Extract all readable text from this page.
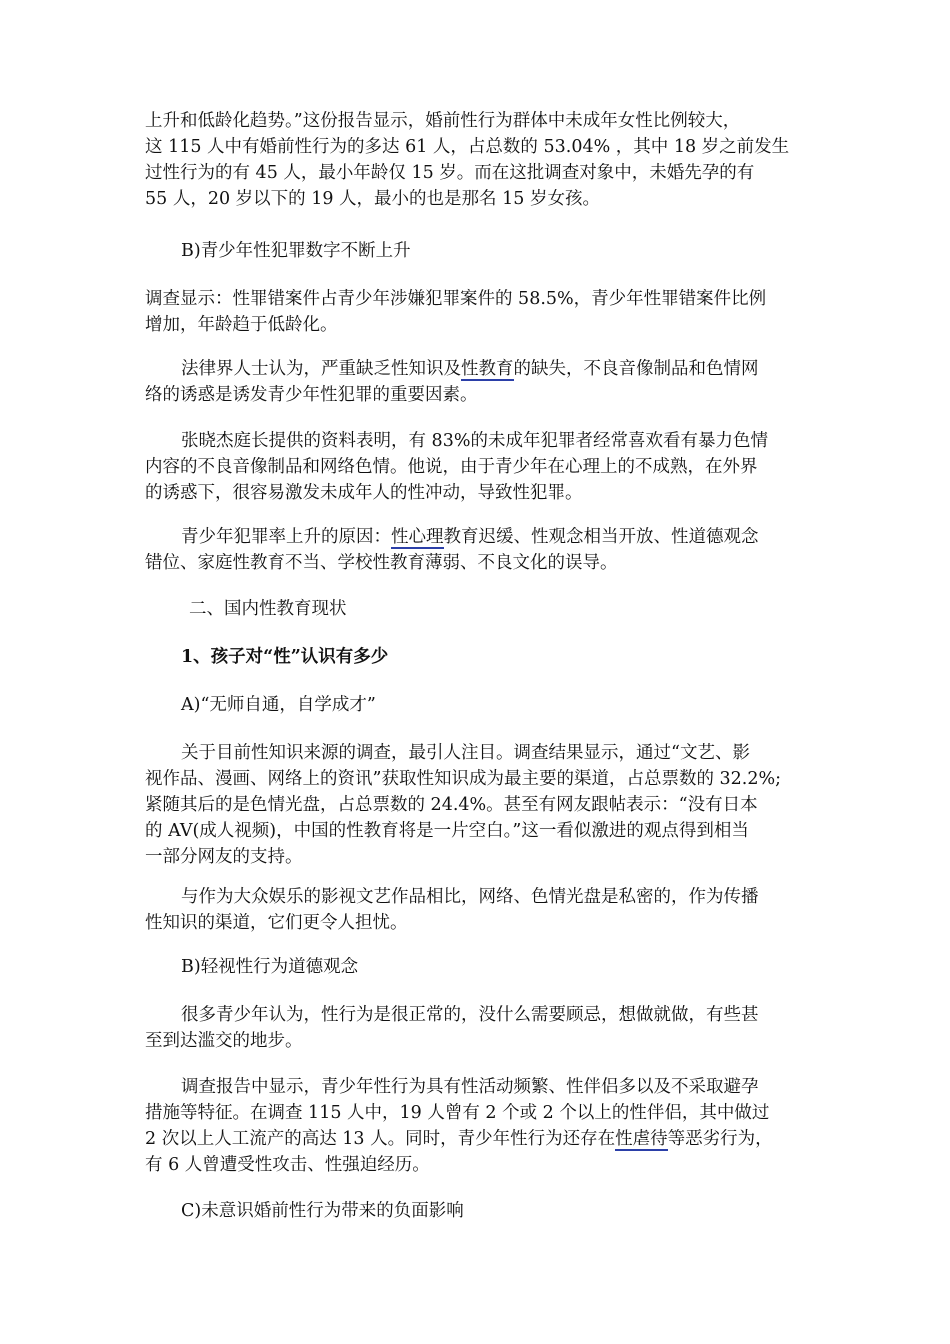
上升和低龄化趋势。”这份报告显示，婚前性行为群体中未成年女性比例较大，
这 115 人中有婚前性行为的多达 61 人，占总数的 53.04% ，其中 18 岁之前发生
过性行为的有 45 人，最小年龄仅 15 岁。而在这批调查对象中，未婚先孕的有
55 人，20 岁以下的 19 人，最小的也是那名 15 岁女孩。

B)青少年性犯罪数字不断上升

调查显示：性罪错案件占青少年涉嫌犯罪案件的 58.5%，青少年性罪错案件比例
增加，年龄趋于低龄化。

法律界人士认为，严重缺乏性知识及性教育的缺失，不良音像制品和色情网
络的诱惑是诱发青少年性犯罪的重要因素。

张晓杰庭长提供的资料表明，有 83%的未成年犯罪者经常喜欢看有暴力色情
内容的不良音像制品和网络色情。他说，由于青少年在心理上的不成熟，在外界
的诱惑下，很容易激发未成年人的性冲动，导致性犯罪。

青少年犯罪率上升的原因：性心理教育迟缓、性观念相当开放、性道德观念
错位、家庭性教育不当、学校性教育薄弱、不良文化的误导。

二、国内性教育现状

1、孩子对“性”认识有多少

A)“无师自通，自学成才”

关于目前性知识来源的调查，最引人注目。调查结果显示，通过“文艺、影
视作品、漫画、网络上的资讯”获取性知识成为最主要的渠道，占总票数的 32.2%;
紧随其后的是色情光盘，占总票数的 24.4%。甚至有网友跟帖表示：“没有日本
的 AV(成人视频)，中国的性教育将是一片空白。”这一看似激进的观点得到相当
一部分网友的支持。

与作为大众娱乐的影视文艺作品相比，网络、色情光盘是私密的，作为传播
性知识的渠道，它们更令人担忧。

B)轻视性行为道德观念

很多青少年认为，性行为是很正常的，没什么需要顾忌，想做就做，有些甚
至到达滥交的地步。

调查报告中显示，青少年性行为具有性活动频繁、性伴侣多以及不采取避孕
措施等特征。在调查 115 人中，19 人曾有 2 个或 2 个以上的性伴侣，其中做过
2 次以上人工流产的高达 13 人。同时，青少年性行为还存在性虐待等恶劣行为，
有 6 人曾遭受性攻击、性强迫经历。

C)未意识婚前性行为带来的负面影响
